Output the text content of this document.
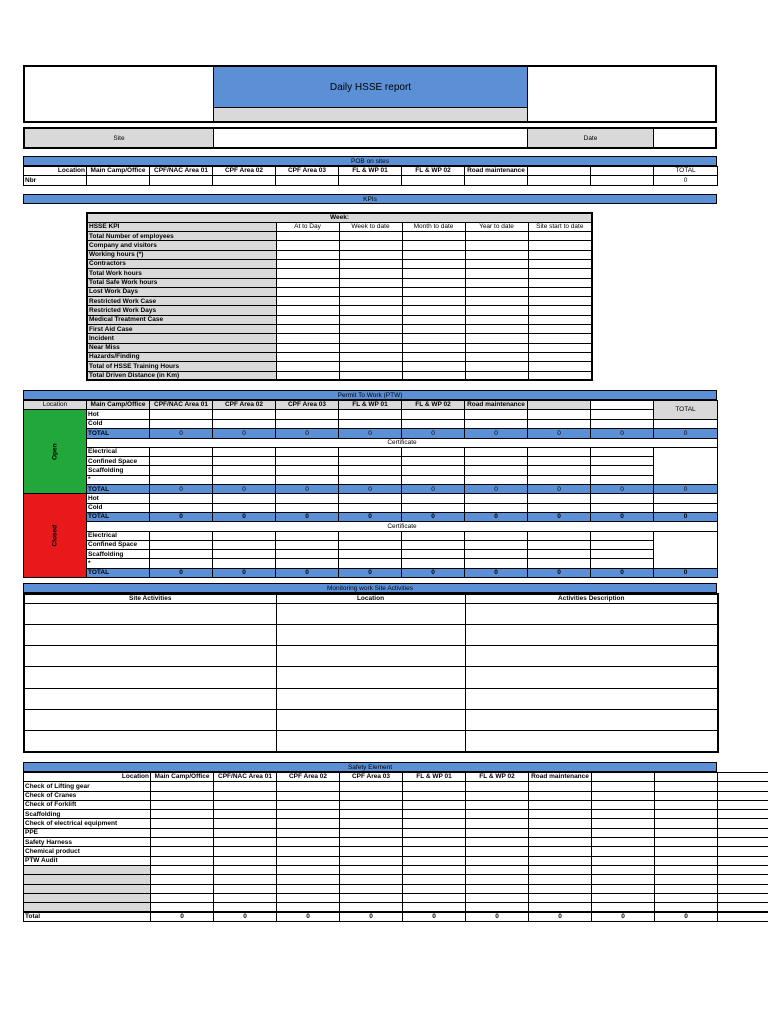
Daily HSSE report
Site	Date
POB on sites
Location	Main Camp/Office	CPF/NAC Area 01	CPF Area 02	CPF Area 03	FL & WP 01	FL & WP 02	Road maintenance			TOTAL
Nbr										0
KPIs
Week:					
HSSE KPI	At to Day	Week to date	Month to date	Year to date	Site start to date
Total Number of employees					
Company and visitors					
Working hours (*)					
Contractors					
Total Work hours					
Total Safe Work hours					
Lost Work Days					
Restricted Work Case					
Restricted Work Days					
Medical Treatment Case					
First Aid Case					
Incident					
Near Miss					
Hazards/Finding					
Total of HSSE Training Hours					
Total Driven Distance (in Km)					
Permit To Work (PTW)
Location	Main Camp/Office	CPF/NAC Area 01	CPF Area 02	CPF Area 03	FL & WP 01	FL & WP 02	Road maintenance			TOTAL

Open	Hot									
	Cold									
	TOTAL	0	0	0	0	0	0	0	0	0
	Certificate									
	Electrical									
	Confined Space									
	Scaffolding									
	*									
	TOTAL	0	0	0	0	0	0	0	0	0

Closed	Hot									
	Cold									
	TOTAL	0	0	0	0	0	0	0	0	0
	Certificate									
	Electrical									
	Confined Space									
	Scaffolding									
	*									
	TOTAL	0	0	0	0	0	0	0	0	0
Monitoring work Site Activities
Site Activities	Location	Activities Description

Safety Element
Location	Main Camp/Office	CPF/NAC Area 01	CPF Area 02	CPF Area 03	FL & WP 01	FL & WP 02	Road maintenance			
Check of Lifting gear										
Check of Cranes										
Check of Forklift										
Scaffolding										
Check of electrical equipment										
PPE										
Safety Harness										
Chemical product										
PTW Audit										

Total	0	0	0	0	0	0	0	0	0	
